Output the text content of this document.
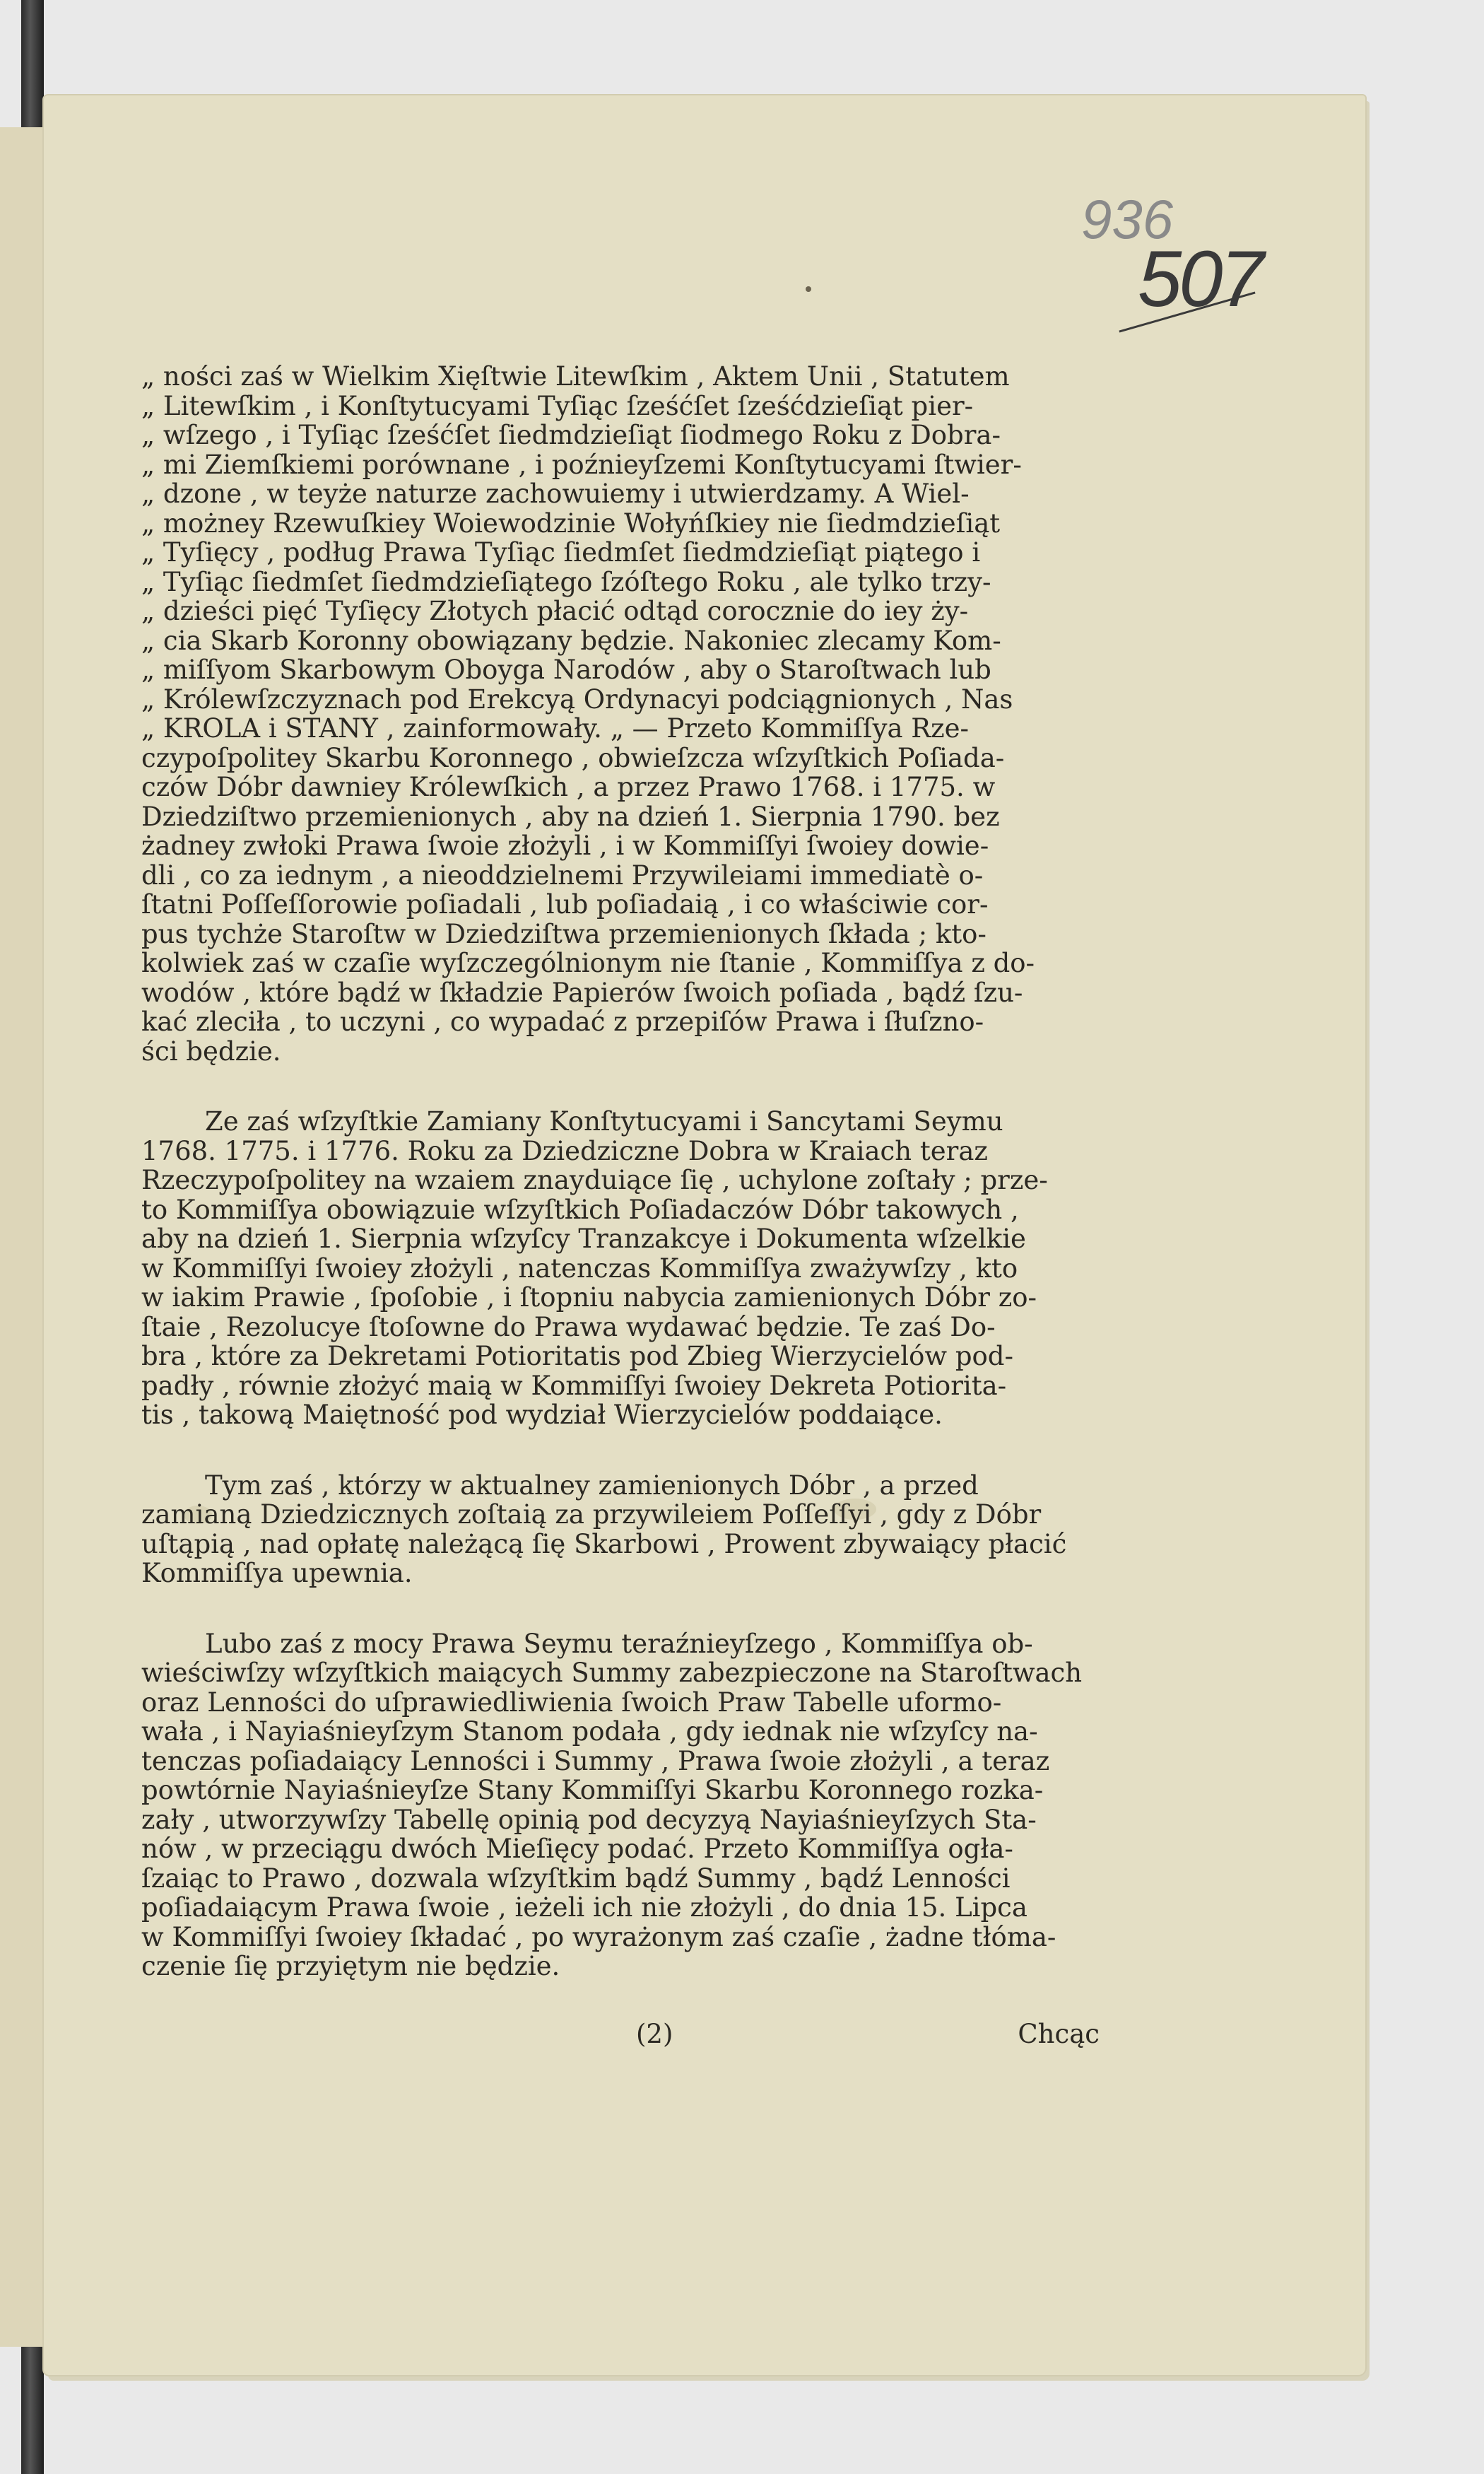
936
507
„ ności zaś w Wielkim Xięſtwie Litewſkim , Aktem Unii , Statutem
„ Litewſkim , i Konſtytucyami Tyſiąc ſześćſet ſześćdzieſiąt pier-
„ wſzego , i Tyſiąc ſześćſet ſiedmdzieſiąt ſiodmego Roku z Dobra-
„ mi Ziemſkiemi porównane , i poźnieyſzemi Konſtytucyami ſtwier-
„ dzone , w teyże naturze zachowuiemy i utwierdzamy. A Wiel-
„ możney Rzewuſkiey Woiewodzinie Wołyńſkiey nie ſiedmdzieſiąt
„ Tyſięcy , podług Prawa Tyſiąc ſiedmſet ſiedmdzieſiąt piątego i
„ Tyſiąc ſiedmſet ſiedmdzieſiątego ſzóſtego Roku , ale tylko trzy-
„ dzieści pięć Tyſięcy Złotych płacić odtąd corocznie do iey ży-
„ cia Skarb Koronny obowiązany będzie. Nakoniec zlecamy Kom-
„ miſſyom Skarbowym Oboyga Narodów , aby o Staroſtwach lub
„ Królewſzczyznach pod Erekcyą Ordynacyi podciągnionych , Nas
„ KROLA i STANY , zainformowały. „ — Przeto Kommiſſya Rze-
czypoſpolitey Skarbu Koronnego , obwieſzcza wſzyſtkich Poſiada-
czów Dóbr dawniey Królewſkich , a przez Prawo 1768. i 1775. w
Dziedziſtwo przemienionych , aby na dzień 1. Sierpnia 1790. bez
żadney zwłoki Prawa ſwoie złożyli , i w Kommiſſyi ſwoiey dowie-
dli , co za iednym , a nieoddzielnemi Przywileiami immediatè o-
ſtatni Poſſeſſorowie poſiadali , lub poſiadaią , i co właściwie cor-
pus tychże Staroſtw w Dziedziſtwa przemienionych ſkłada ; kto-
kolwiek zaś w czaſie wyſzczególnionym nie ſtanie , Kommiſſya z do-
wodów , które bądź w ſkładzie Papierów ſwoich poſiada , bądź ſzu-
kać zleciła , to uczyni , co wypadać z przepiſów Prawa i ſłuſzno-
ści będzie.
Ze zaś wſzyſtkie Zamiany Konſtytucyami i Sancytami Seymu
1768. 1775. i 1776. Roku za Dziedziczne Dobra w Kraiach teraz
Rzeczypoſpolitey na wzaiem znayduiące ſię , uchylone zoſtały ; prze-
to Kommiſſya obowiązuie wſzyſtkich Poſiadaczów Dóbr takowych ,
aby na dzień 1. Sierpnia wſzyſcy Tranzakcye i Dokumenta wſzelkie
w Kommiſſyi ſwoiey złożyli , natenczas Kommiſſya zważywſzy , kto
w iakim Prawie , ſpoſobie , i ſtopniu nabycia zamienionych Dóbr zo-
ſtaie , Rezolucye ſtoſowne do Prawa wydawać będzie. Te zaś Do-
bra , które za Dekretami Potioritatis pod Zbieg Wierzycielów pod-
padły , równie złożyć maią w Kommiſſyi ſwoiey Dekreta Potiorita-
tis , takową Maiętność pod wydział Wierzycielów poddaiące.
Tym zaś , którzy w aktualney zamienionych Dóbr , a przed
zamianą Dziedzicznych zoſtaią za przywileiem Poſſeſſyi , gdy z Dóbr
uſtąpią , nad opłatę należącą ſię Skarbowi , Prowent zbywaiący płacić
Kommiſſya upewnia.
Lubo zaś z mocy Prawa Seymu teraźnieyſzego , Kommiſſya ob-
wieściwſzy wſzyſtkich maiących Summy zabezpieczone na Staroſtwach
oraz Lenności do uſprawiedliwienia ſwoich Praw Tabelle uformo-
wała , i Nayiaśnieyſzym Stanom podała , gdy iednak nie wſzyſcy na-
tenczas poſiadaiący Lenności i Summy , Prawa ſwoie złożyli , a teraz
powtórnie Nayiaśnieyſze Stany Kommiſſyi Skarbu Koronnego rozka-
zały , utworzywſzy Tabellę opinią pod decyzyą Nayiaśnieyſzych Sta-
nów , w przeciągu dwóch Mieſięcy podać. Przeto Kommiſſya ogła-
ſzaiąc to Prawo , dozwala wſzyſtkim bądź Summy , bądź Lenności
poſiadaiącym Prawa ſwoie , ieżeli ich nie złożyli , do dnia 15. Lipca
w Kommiſſyi ſwoiey ſkładać , po wyrażonym zaś czaſie , żadne tłóma-
czenie ſię przyiętym nie będzie.
(2)	Chcąc
